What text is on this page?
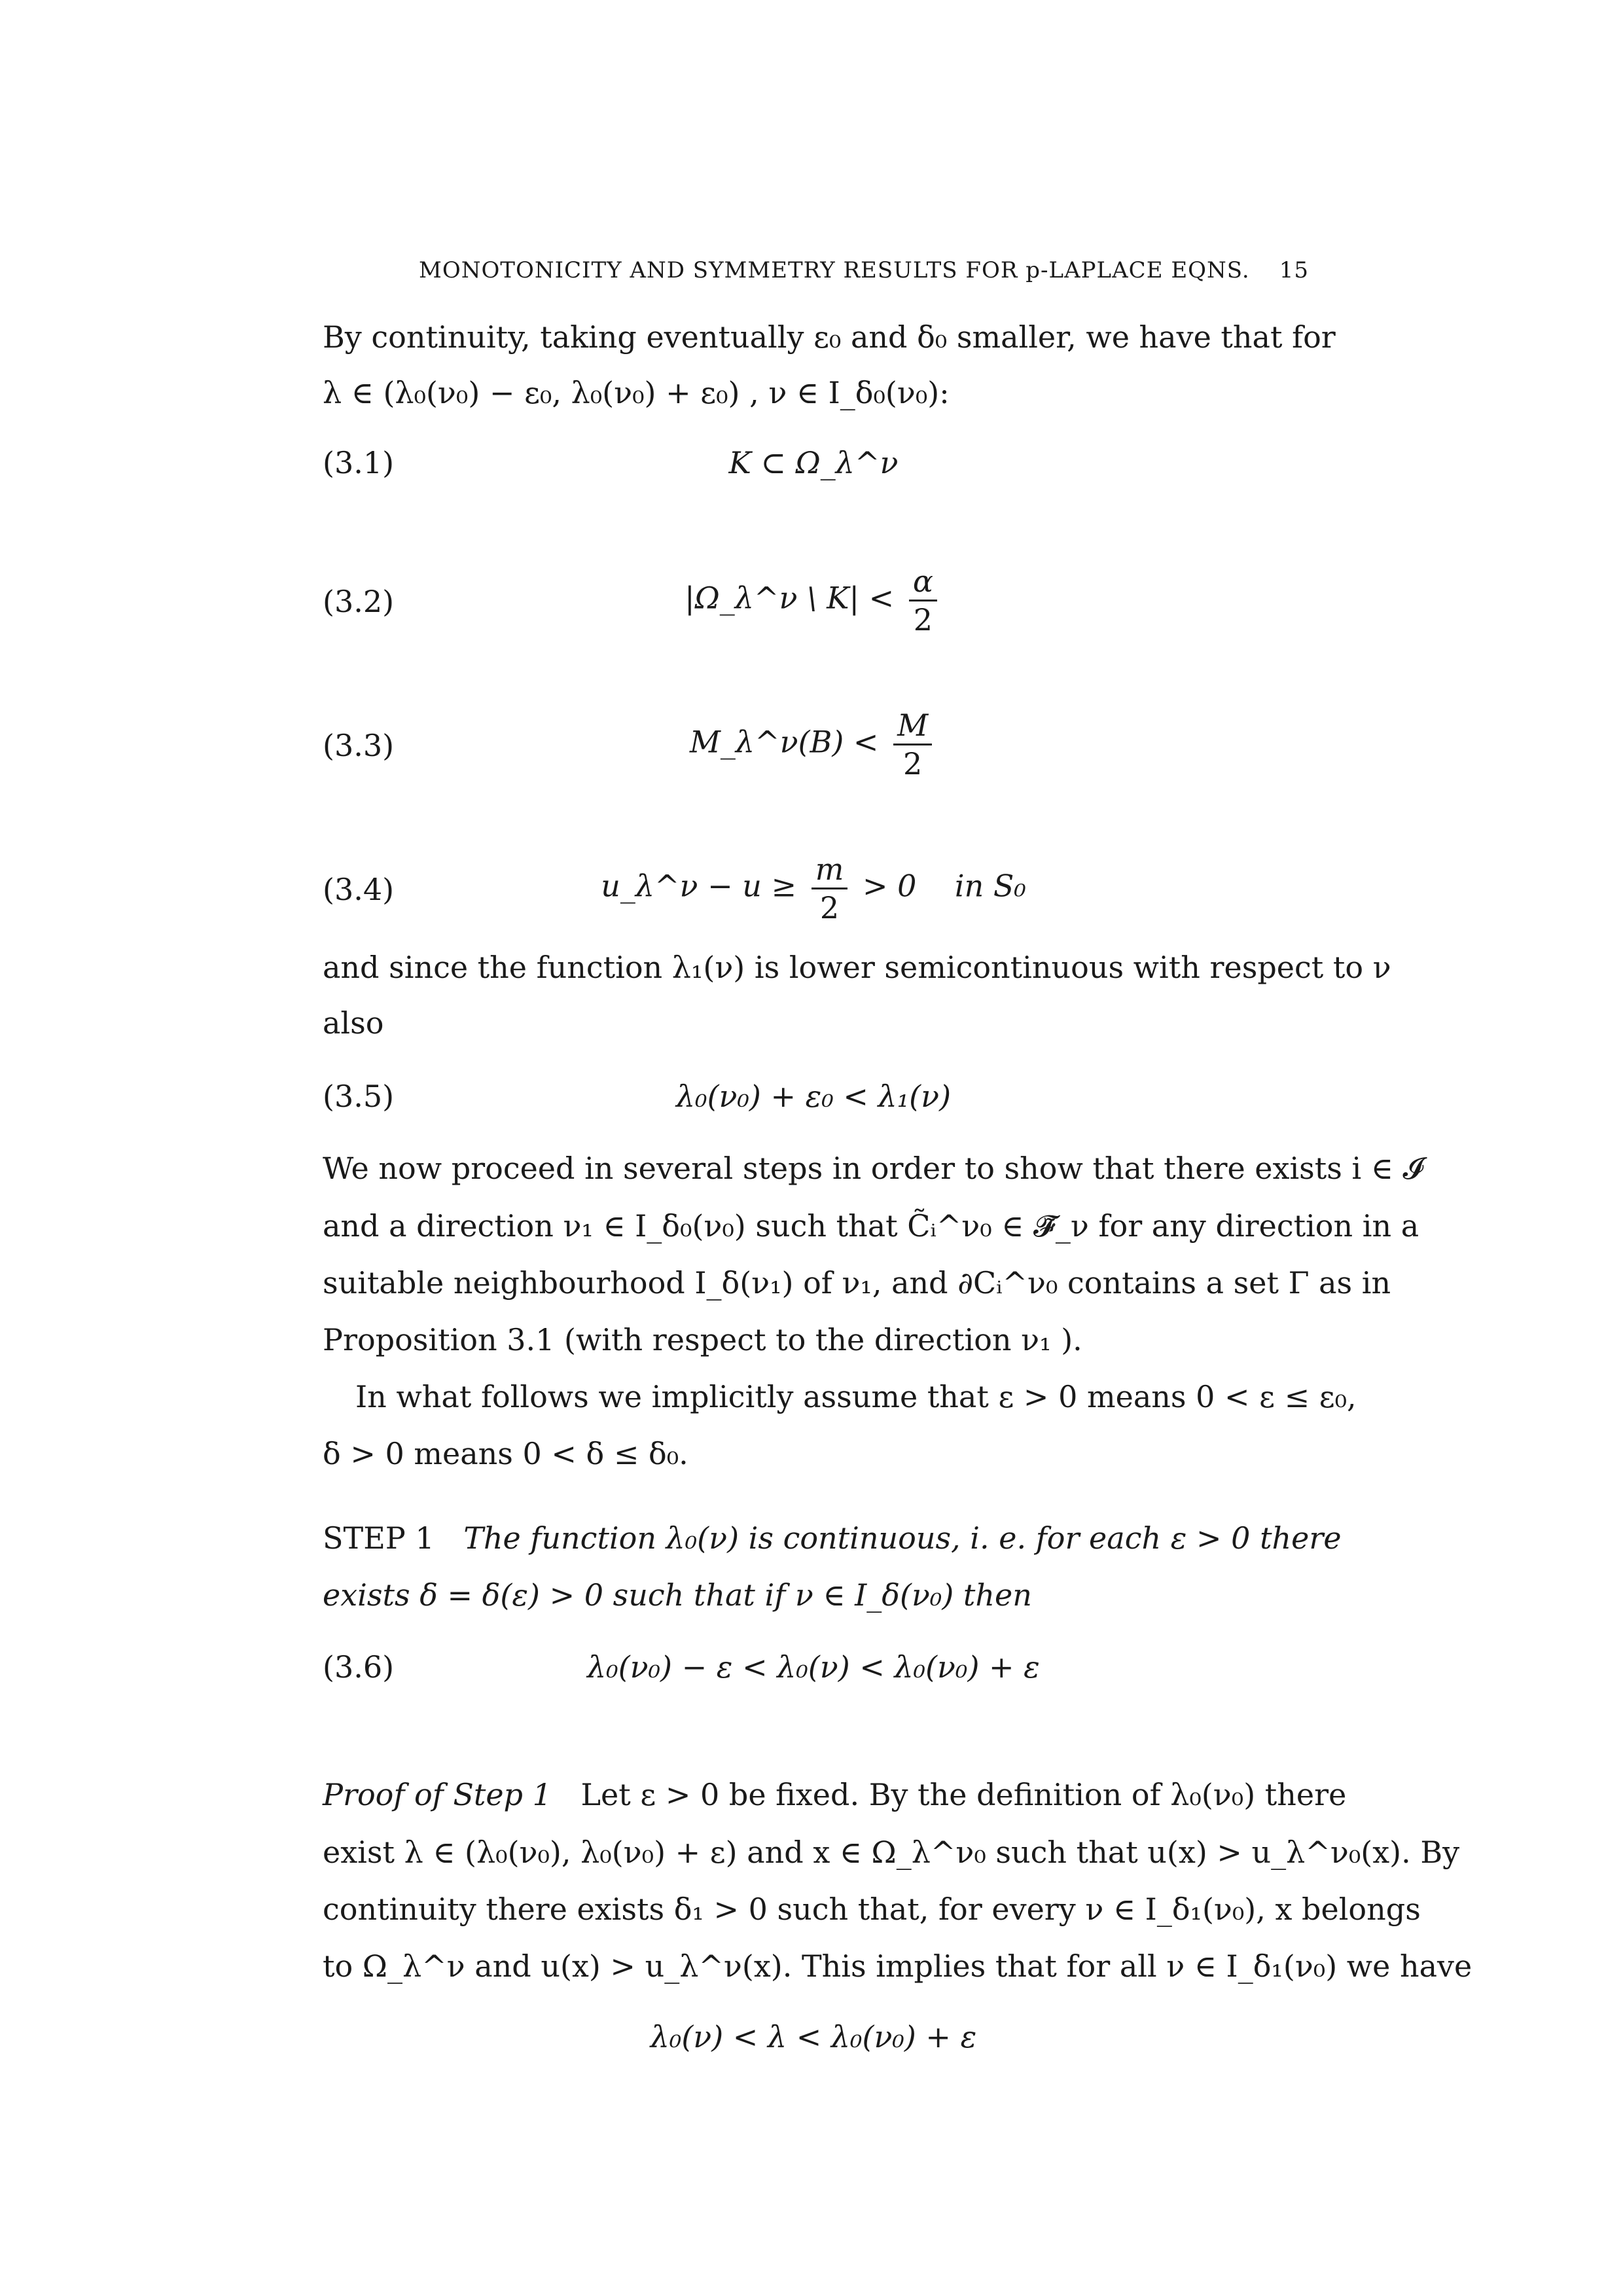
MONOTONICITY AND SYMMETRY RESULTS FOR p-LAPLACE EQNS. 15
By continuity, taking eventually ε₀ and δ₀ smaller, we have that for
λ ∈ (λ₀(ν₀) − ε₀, λ₀(ν₀) + ε₀) , ν ∈ I_δ₀(ν₀):
(3.1)	K ⊂ Ω_λ^ν
(3.2)	|Ω_λ^ν \ $K| < \frac{\alpha}{2}$
(3.3)	M_λ^ν(B) < $\frac{M}{2}$
(3.4)	u_λ^ν − $u \ge \frac{m}{2} > 0$    in S₀
and since the function λ₁(ν) is lower semicontinuous with respect to ν
also
(3.5)	λ₀(ν₀) + ε₀ < λ₁(ν)
We now proceed in several steps in order to show that there exists i ∈ 𝓘
and a direction ν₁ ∈ I_δ₀(ν₀) such that C̃ᵢ^ν₀ ∈ 𝓕̃_ν for any direction in a
suitable neighbourhood I_δ(ν₁) of ν₁, and ∂Cᵢ^ν₀ contains a set Γ as in
Proposition 3.1 (with respect to the direction ν₁ ).
In what follows we implicitly assume that ε > 0 means 0 < ε ≤ ε₀,
δ > 0 means 0 < δ ≤ δ₀.
STEP 1 The function λ₀(ν) is continuous, i. e. for each ε > 0 there
exists δ = δ(ε) > 0 such that if ν ∈ I_δ(ν₀) then
(3.6)	λ₀(ν₀) − ε < λ₀(ν) < λ₀(ν₀) + ε
Proof of Step 1 Let ε > 0 be fixed. By the definition of λ₀(ν₀) there
exist λ ∈ (λ₀(ν₀), λ₀(ν₀) + ε) and x ∈ Ω_λ^ν₀ such that u(x) > u_λ^ν₀(x). By
continuity there exists δ₁ > 0 such that, for every ν ∈ I_δ₁(ν₀), x belongs
to Ω_λ^ν and u(x) > u_λ^ν(x). This implies that for all ν ∈ I_δ₁(ν₀) we have
λ₀(ν) < λ < λ₀(ν₀) + ε
